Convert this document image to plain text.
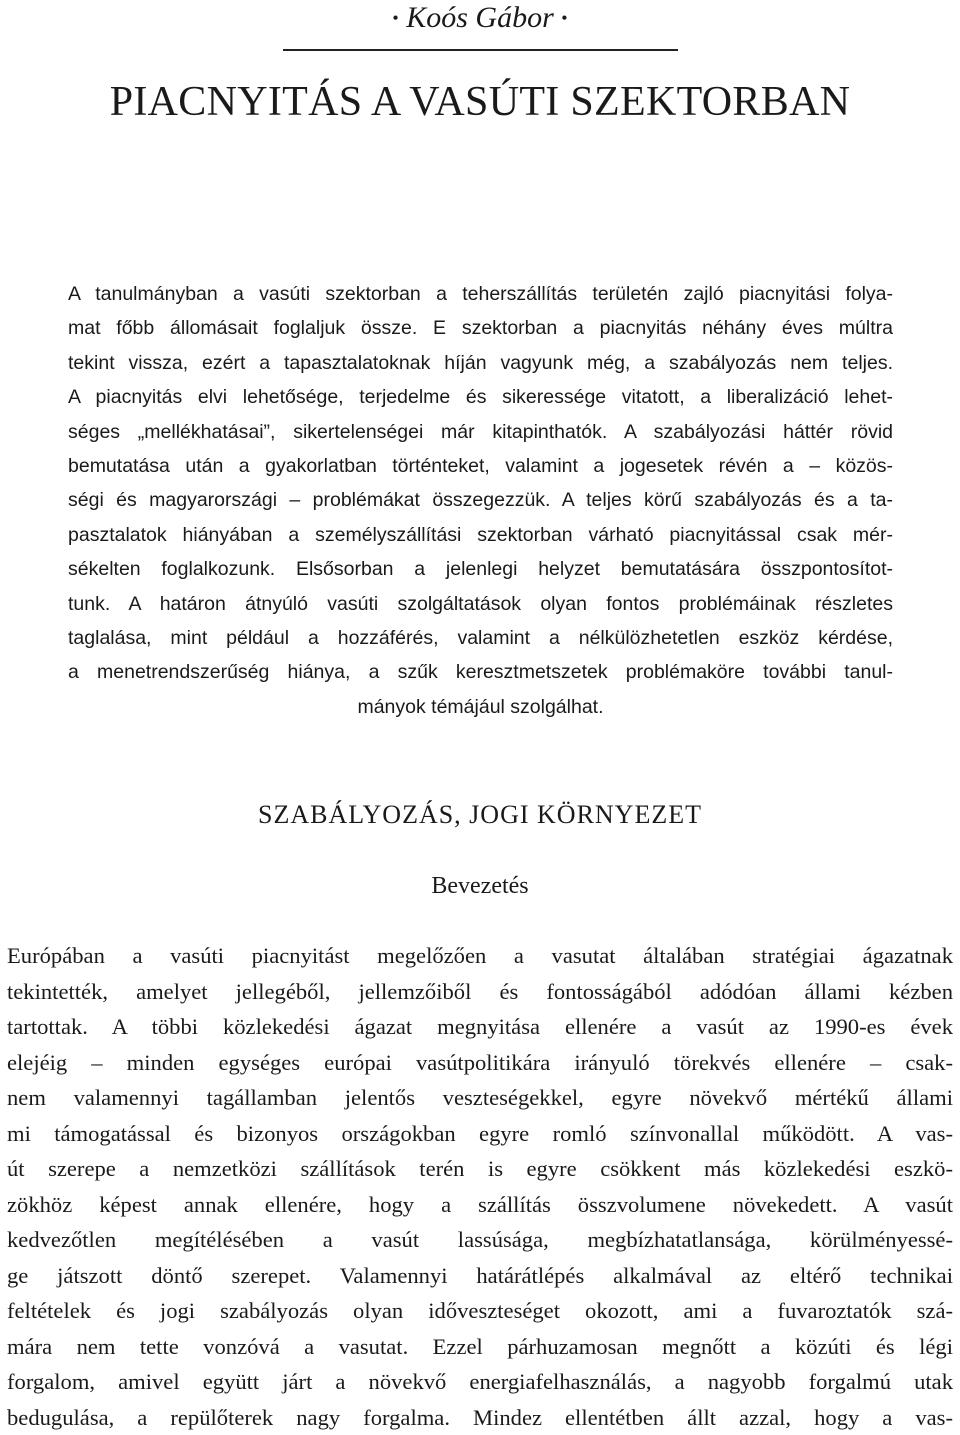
• Koós Gábor •
PIACNYITÁS A VASÚTI SZEKTORBAN
A tanulmányban a vasúti szektorban a teherszállítás területén zajló piacnyitási folya-
mat főbb állomásait foglaljuk össze. E szektorban a piacnyitás néhány éves múltra
tekint vissza, ezért a tapasztalatoknak híján vagyunk még, a szabályozás nem teljes.
A piacnyitás elvi lehetősége, terjedelme és sikeressége vitatott, a liberalizáció lehet-
séges „mellékhatásai”, sikertelenségei már kitapinthatók. A szabályozási háttér rövid
bemutatása után a gyakorlatban történteket, valamint a jogesetek révén a – közös-
ségi és magyarországi – problémákat összegezzük. A teljes körű szabályozás és a ta-
pasztalatok hiányában a személyszállítási szektorban várható piacnyitással csak mér-
sékelten foglalkozunk. Elsősorban a jelenlegi helyzet bemutatására összpontosítot-
tunk. A határon átnyúló vasúti szolgáltatások olyan fontos problémáinak részletes
taglalása, mint például a hozzáférés, valamint a nélkülözhetetlen eszköz kérdése,
a menetrendszerűség hiánya, a szűk keresztmetszetek problémaköre további tanul-
mányok témájául szolgálhat.
SZABÁLYOZÁS, JOGI KÖRNYEZET
Bevezetés
Európában a vasúti piacnyitást megelőzően a vasutat általában stratégiai ágazatnak
tekintették, amelyet jellegéből, jellemzőiből és fontosságából adódóan állami kézben
tartottak. A többi közlekedési ágazat megnyitása ellenére a vasút az 1990-es évek
elejéig – minden egységes európai vasútpolitikára irányuló törekvés ellenére – csak-
nem valamennyi tagállamban jelentős veszteségekkel, egyre növekvő mértékű állami
mi támogatással és bizonyos országokban egyre romló színvonallal működött. A vas-
út szerepe a nemzetközi szállítások terén is egyre csökkent más közlekedési eszkö-
zökhöz képest annak ellenére, hogy a szállítás összvolumene növekedett. A vasút
kedvezőtlen megítélésében a vasút lassúsága, megbízhatatlansága, körülményessé-
ge játszott döntő szerepet. Valamennyi határátlépés alkalmával az eltérő technikai
feltételek és jogi szabályozás olyan időveszteséget okozott, ami a fuvaroztatók szá-
mára nem tette vonzóvá a vasutat. Ezzel párhuzamosan megnőtt a közúti és légi
forgalom, amivel együtt járt a növekvő energiafelhasználás, a nagyobb forgalmú utak
bedugulása, a repülőterek nagy forgalma. Mindez ellentétben állt azzal, hogy a vas-
